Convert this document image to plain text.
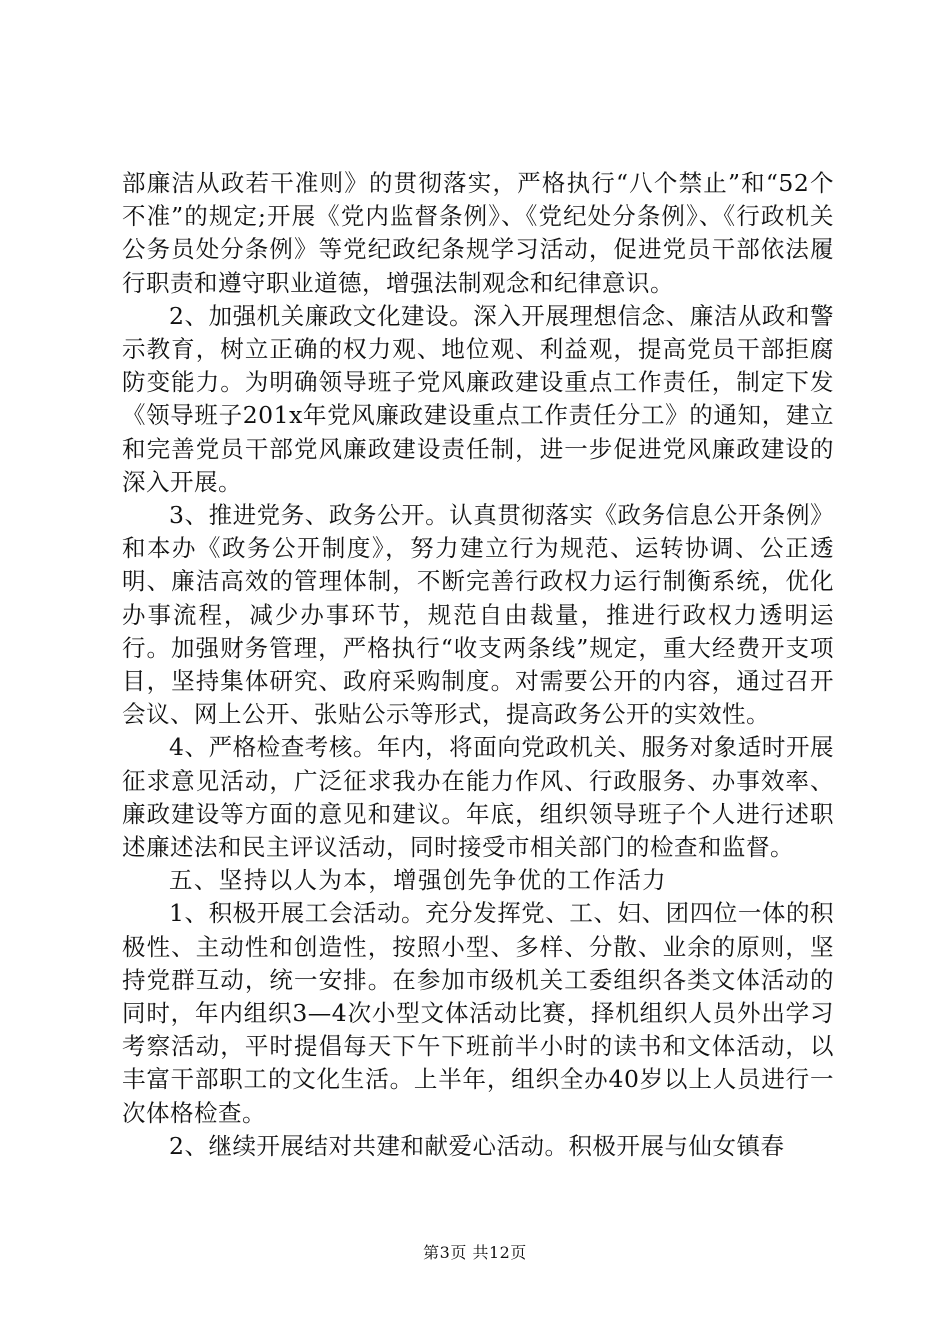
部廉洁从政若干准则》的贯彻落实，严格执行“八个禁止”和“52个不准”的规定;开展《党内监督条例》、《党纪处分条例》、《行政机关公务员处分条例》等党纪政纪条规学习活动，促进党员干部依法履行职责和遵守职业道德，增强法制观念和纪律意识。

2、加强机关廉政文化建设。深入开展理想信念、廉洁从政和警示教育，树立正确的权力观、地位观、利益观，提高党员干部拒腐防变能力。为明确领导班子党风廉政建设重点工作责任，制定下发《领导班子201x年党风廉政建设重点工作责任分工》的通知，建立和完善党员干部党风廉政建设责任制，进一步促进党风廉政建设的深入开展。

3、推进党务、政务公开。认真贯彻落实《政务信息公开条例》和本办《政务公开制度》，努力建立行为规范、运转协调、公正透明、廉洁高效的管理体制，不断完善行政权力运行制衡系统，优化办事流程，减少办事环节，规范自由裁量，推进行政权力透明运行。加强财务管理，严格执行“收支两条线”规定，重大经费开支项目，坚持集体研究、政府采购制度。对需要公开的内容，通过召开会议、网上公开、张贴公示等形式，提高政务公开的实效性。

4、严格检查考核。年内，将面向党政机关、服务对象适时开展征求意见活动，广泛征求我办在能力作风、行政服务、办事效率、廉政建设等方面的意见和建议。年底，组织领导班子个人进行述职述廉述法和民主评议活动，同时接受市相关部门的检查和监督。

五、坚持以人为本，增强创先争优的工作活力

1、积极开展工会活动。充分发挥党、工、妇、团四位一体的积极性、主动性和创造性，按照小型、多样、分散、业余的原则，坚持党群互动，统一安排。在参加市级机关工委组织各类文体活动的同时，年内组织3—4次小型文体活动比赛，择机组织人员外出学习考察活动，平时提倡每天下午下班前半小时的读书和文体活动，以丰富干部职工的文化生活。上半年，组织全办40岁以上人员进行一次体格检查。

2、继续开展结对共建和献爱心活动。积极开展与仙女镇春

第3页 共12页
